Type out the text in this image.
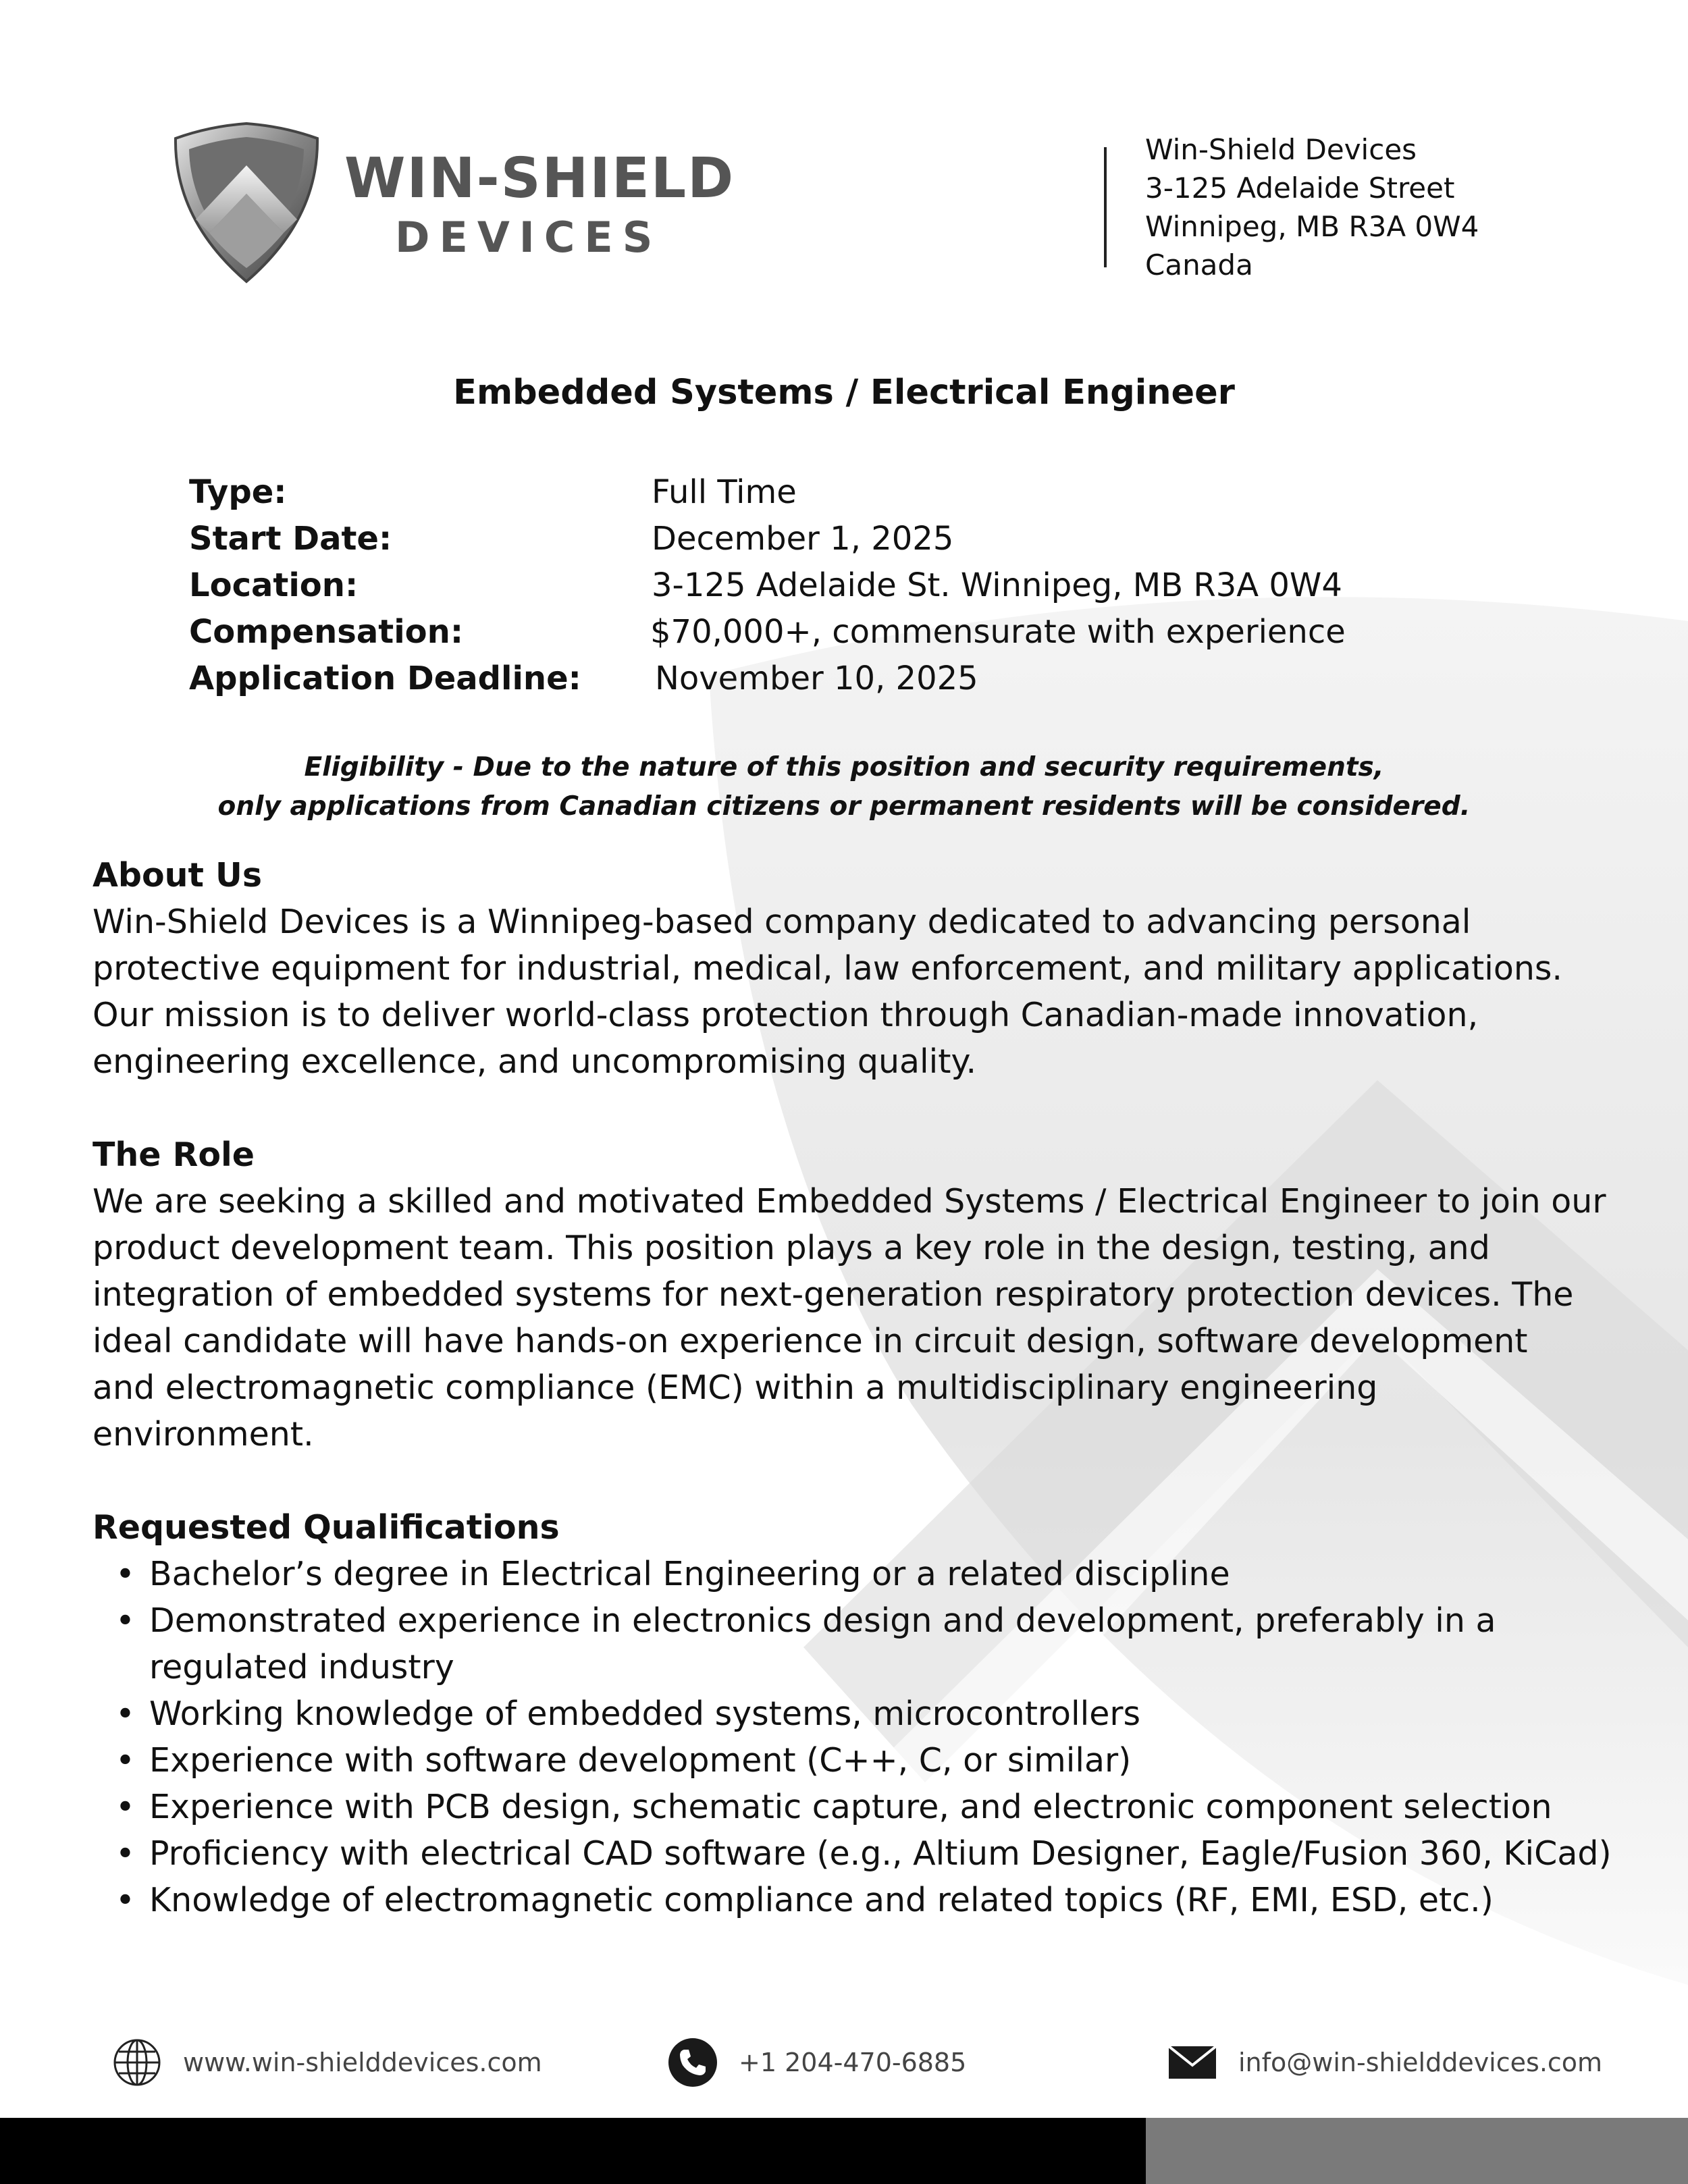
WIN-SHIELD
DEVICES
Win-Shield Devices
3-125 Adelaide Street
Winnipeg, MB R3A 0W4
Canada
Embedded Systems / Electrical Engineer
Type:	Full Time
Start Date:	December 1, 2025
Location:	3-125 Adelaide St. Winnipeg, MB R3A 0W4
Compensation:	$70,000+, commensurate with experience
Application Deadline: November 10, 2025
Eligibility - Due to the nature of this position and security requirements,
only applications from Canadian citizens or permanent residents will be considered.
About Us

Win-Shield Devices is a Winnipeg-based company dedicated to advancing personal
protective equipment for industrial, medical, law enforcement, and military applications.
Our mission is to deliver world-class protection through Canadian-made innovation,
engineering excellence, and uncompromising quality.

The Role

We are seeking a skilled and motivated Embedded Systems / Electrical Engineer to join our
product development team. This position plays a key role in the design, testing, and
integration of embedded systems for next-generation respiratory protection devices. The
ideal candidate will have hands-on experience in circuit design, software development
and electromagnetic compliance (EMC) within a multidisciplinary engineering
environment.

Requested Qualifications
• Bachelor’s degree in Electrical Engineering or a related discipline
• Demonstrated experience in electronics design and development, preferably in a
regulated industry
• Working knowledge of embedded systems, microcontrollers
• Experience with software development (C++, C, or similar)
• Experience with PCB design, schematic capture, and electronic component selection
• Proficiency with electrical CAD software (e.g., Altium Designer, Eagle/Fusion 360, KiCad)
• Knowledge of electromagnetic compliance and related topics (RF, EMI, ESD, etc.)
www.win-shielddevices.com	+1 204-470-6885	info@win-shielddevices.com
